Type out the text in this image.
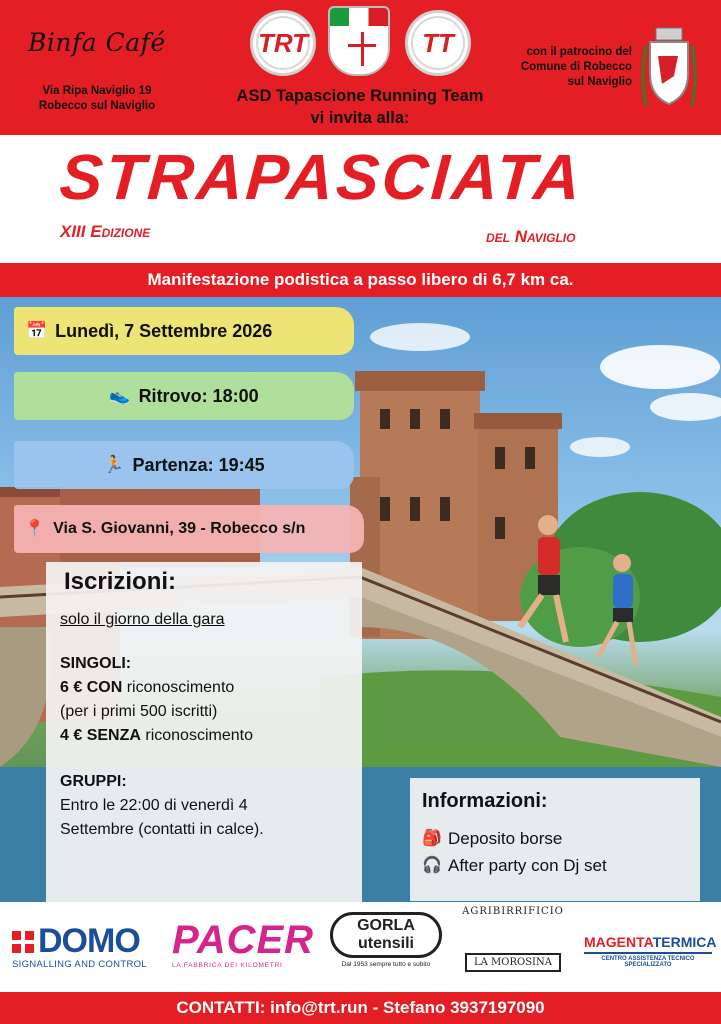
Binfa Café
Via Ripa Naviglio 19
Robecco sul Naviglio
TRT	TT
ASD Tapascione Running Team
vi invita alla:
con il patrocino del
Comune di Robecco
sul Naviglio
STRAPASCIATA
XIII Edizione	del Naviglio
Manifestazione podistica a passo libero di 6,7 km ca.
📅 Lunedì, 7 Settembre 2026
👟 Ritrovo: 18:00
🏃 Partenza: 19:45
📍 Via S. Giovanni, 39 - Robecco s/n
Iscrizioni:
solo il giorno della gara
SINGOLI:
6 € CON riconoscimento
(per i primi 500 iscritti)
4 € SENZA riconoscimento
GRUPPI:
Entro le 22:00 di venerdì 4
Settembre (contatti in calce).
Informazioni:
🎒 Deposito borse
🎧 After party con Dj set
DOMO
SIGNALLING AND CONTROL
PACER
LA FABBRICA DEI KILOMETRI
GORLA utensili
Dal 1953 sempre tutto e subito
AGRIBIRRIFICIO
LA MOROSINA
MAGENTATERMICA
CENTRO ASSISTENZA TECNICO SPECIALIZZATO
CONTATTI: info@trt.run - Stefano 3937197090
